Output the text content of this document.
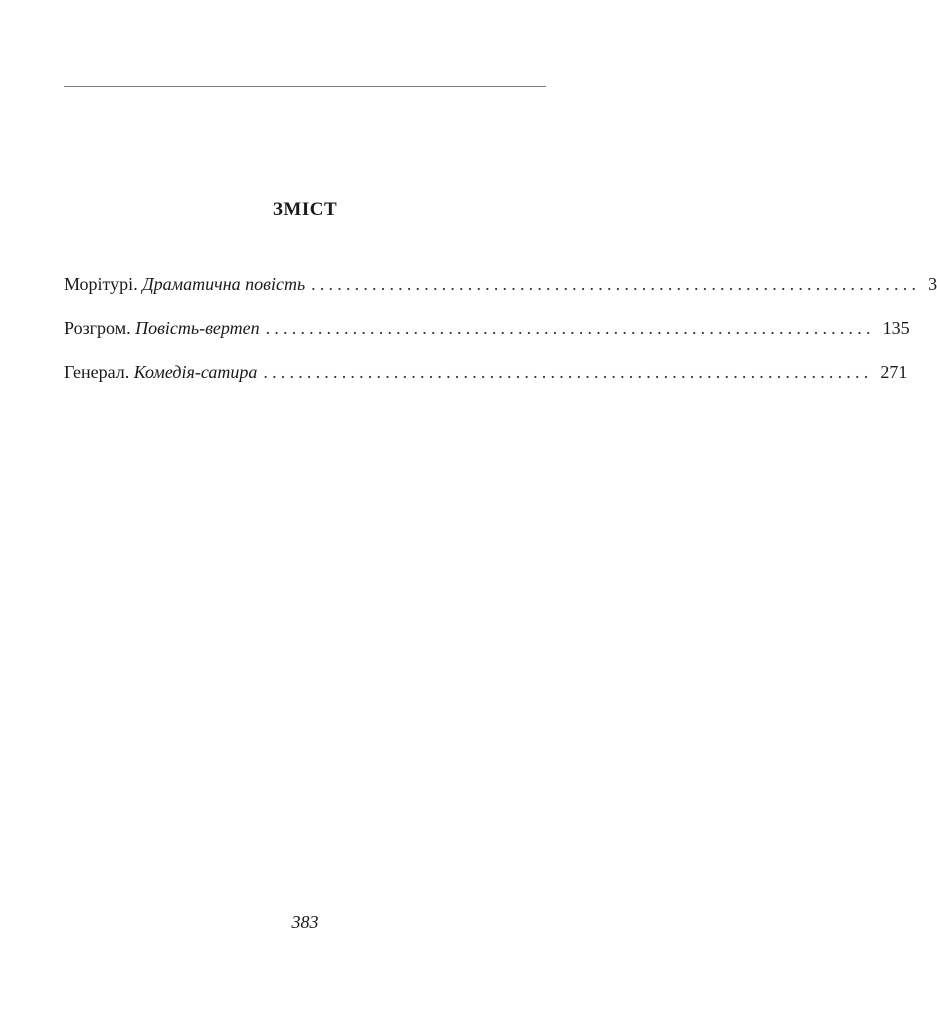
ЗМІСТ
Морітурі. Драматична повість ...................................................................... 3
Розгром. Повість-вертеп ...................................................................... 135
Генерал. Комедія-сатира ...................................................................... 271
383
